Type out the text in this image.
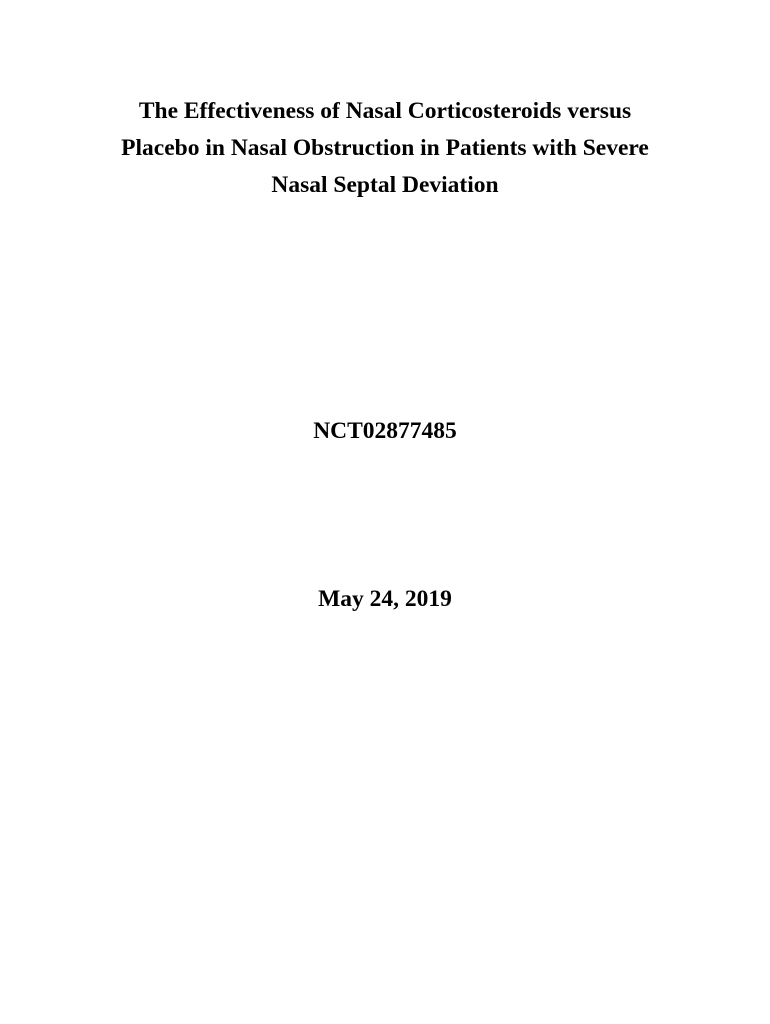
The Effectiveness of Nasal Corticosteroids versus
Placebo in Nasal Obstruction in Patients with Severe
Nasal Septal Deviation
NCT02877485
May 24, 2019
